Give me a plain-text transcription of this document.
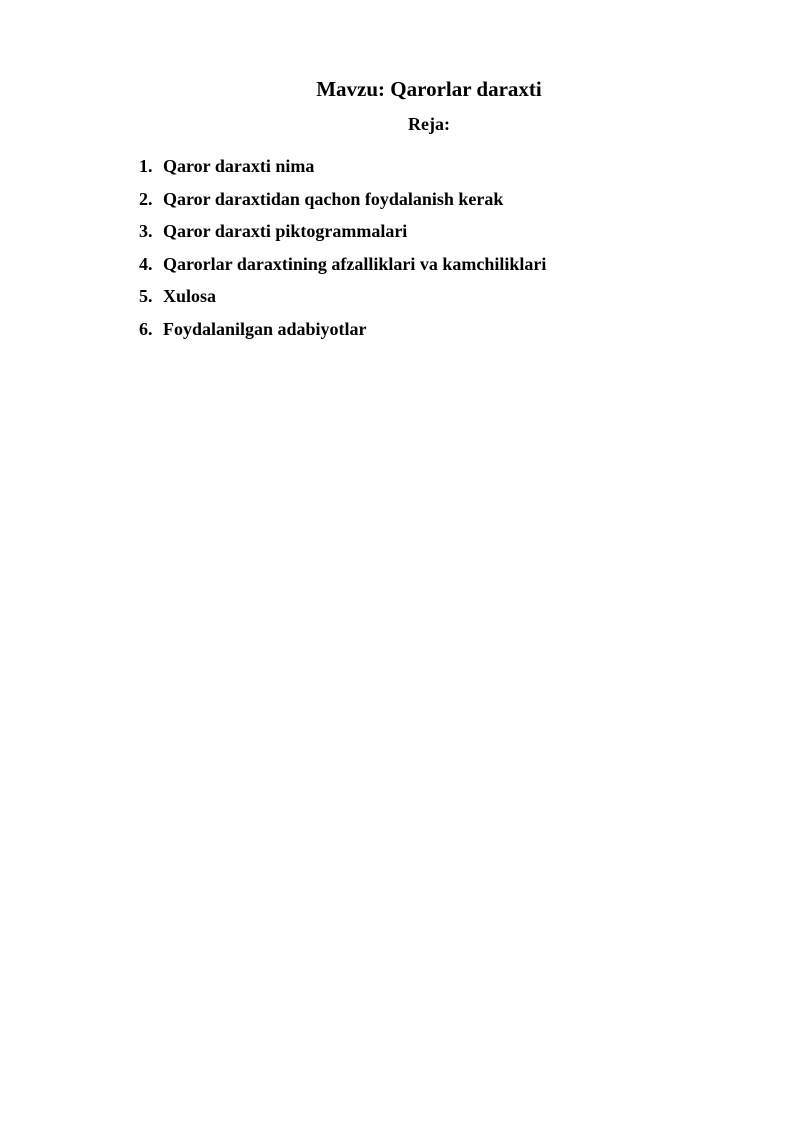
Mavzu: Qarorlar daraxti
Reja:
1. Qaror daraxti nima
2. Qaror daraxtidan qachon foydalanish kerak
3. Qaror daraxti piktogrammalari
4. Qarorlar daraxtining afzalliklari va kamchiliklari
5. Xulosa
6. Foydalanilgan adabiyotlar
